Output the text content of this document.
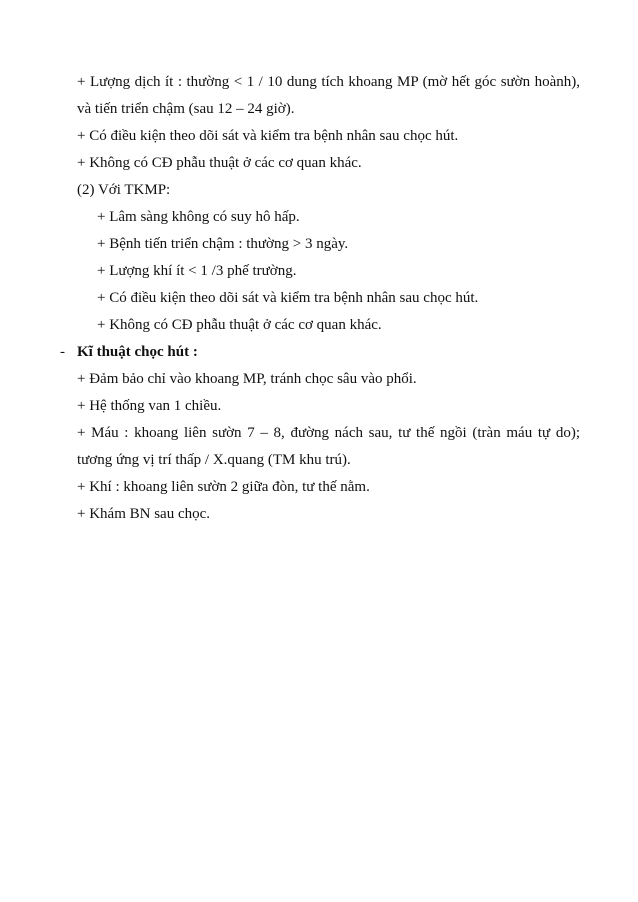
+ Lượng dịch ít : thường < 1 / 10 dung tích khoang MP (mờ hết góc sườn hoành),
và tiến triển chậm (sau 12 – 24 giờ).
+ Có điều kiện theo dõi sát và kiểm tra bệnh nhân sau chọc hút.
+ Không có CĐ phẫu thuật ở các cơ quan khác.
(2) Với TKMP:
+ Lâm sàng không có suy hô hấp.
+ Bệnh tiến triển chậm : thường > 3 ngày.
+ Lượng khí ít < 1 /3 phế trường.
+ Có điều kiện theo dõi sát và kiểm tra bệnh nhân sau chọc hút.
+ Không có CĐ phẫu thuật ở các cơ quan khác.
- Kĩ thuật chọc hút :
+ Đảm bảo chỉ vào khoang MP, tránh chọc sâu vào phổi.
+ Hệ thống van 1 chiều.
+ Máu : khoang liên sườn 7 – 8, đường nách sau, tư thế ngồi (tràn máu tự do);
tương ứng vị trí thấp / X.quang (TM khu trú).
+ Khí : khoang liên sườn 2 giữa đòn, tư thế nằm.
+ Khám BN sau chọc.
